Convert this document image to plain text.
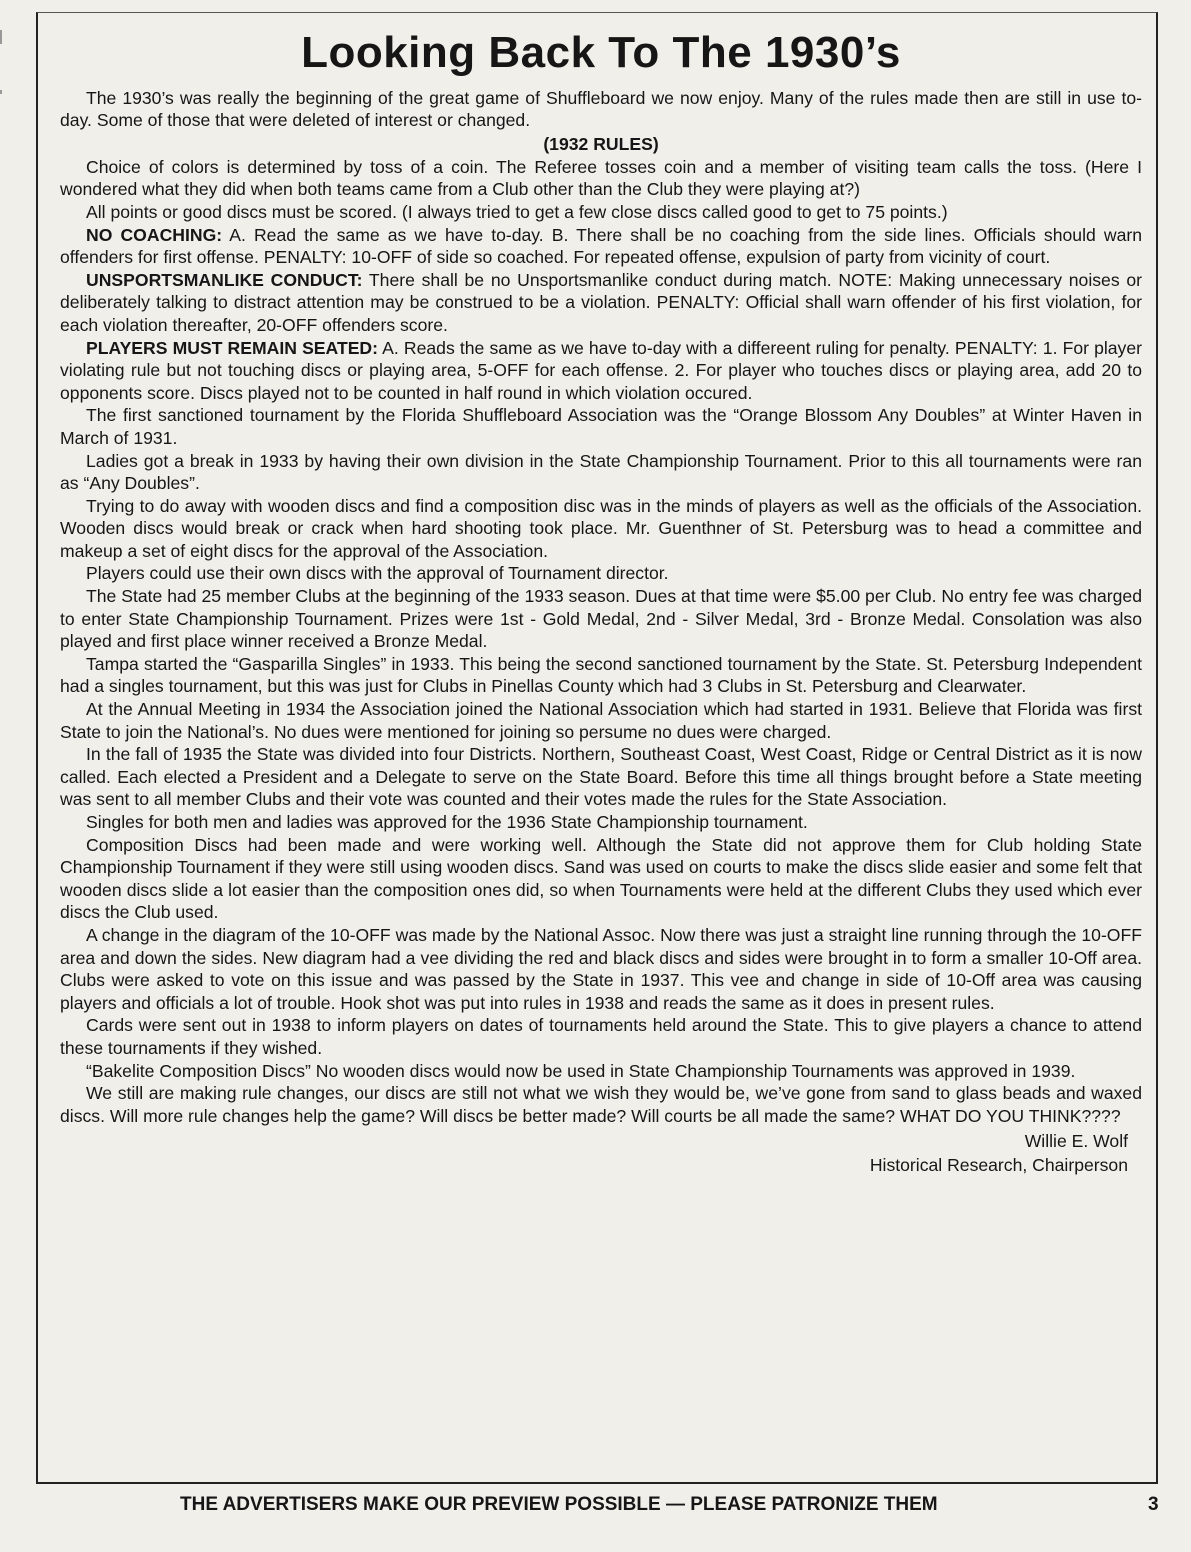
Looking Back To The 1930’s

The 1930’s was really the beginning of the great game of Shuffleboard we now enjoy. Many of the rules made then are still in use to-day. Some of those that were deleted of interest or changed.

(1932 RULES)

Choice of colors is determined by toss of a coin. The Referee tosses coin and a member of visiting team calls the toss. (Here I wondered what they did when both teams came from a Club other than the Club they were playing at?)

All points or good discs must be scored. (I always tried to get a few close discs called good to get to 75 points.)

NO COACHING: A. Read the same as we have to-day. B. There shall be no coaching from the side lines. Officials should warn offenders for first offense. PENALTY: 10-OFF of side so coached. For repeated offense, expulsion of party from vicinity of court.

UNSPORTSMANLIKE CONDUCT: There shall be no Unsportsmanlike conduct during match. NOTE: Making unnecessary noises or deliberately talking to distract attention may be construed to be a violation. PENALTY: Official shall warn offender of his first violation, for each violation thereafter, 20-OFF offenders score.

PLAYERS MUST REMAIN SEATED: A. Reads the same as we have to-day with a differeent ruling for penalty. PENALTY: 1. For player violating rule but not touching discs or playing area, 5-OFF for each offense. 2. For player who touches discs or playing area, add 20 to opponents score. Discs played not to be counted in half round in which violation occured.

The first sanctioned tournament by the Florida Shuffleboard Association was the “Orange Blossom Any Doubles” at Winter Haven in March of 1931.

Ladies got a break in 1933 by having their own division in the State Championship Tournament. Prior to this all tournaments were ran as “Any Doubles”.

Trying to do away with wooden discs and find a composition disc was in the minds of players as well as the officials of the Association. Wooden discs would break or crack when hard shooting took place. Mr. Guenthner of St. Petersburg was to head a committee and makeup a set of eight discs for the approval of the Association.

Players could use their own discs with the approval of Tournament director.

The State had 25 member Clubs at the beginning of the 1933 season. Dues at that time were $5.00 per Club. No entry fee was charged to enter State Championship Tournament. Prizes were 1st - Gold Medal, 2nd - Silver Medal, 3rd - Bronze Medal. Consolation was also played and first place winner received a Bronze Medal.

Tampa started the “Gasparilla Singles” in 1933. This being the second sanctioned tournament by the State. St. Petersburg Independent had a singles tournament, but this was just for Clubs in Pinellas County which had 3 Clubs in St. Petersburg and Clearwater.

At the Annual Meeting in 1934 the Association joined the National Association which had started in 1931. Believe that Florida was first State to join the National’s. No dues were mentioned for joining so persume no dues were charged.

In the fall of 1935 the State was divided into four Districts. Northern, Southeast Coast, West Coast, Ridge or Central District as it is now called. Each elected a President and a Delegate to serve on the State Board. Before this time all things brought before a State meeting was sent to all member Clubs and their vote was counted and their votes made the rules for the State Association.

Singles for both men and ladies was approved for the 1936 State Championship tournament.

Composition Discs had been made and were working well. Although the State did not approve them for Club holding State Championship Tournament if they were still using wooden discs. Sand was used on courts to make the discs slide easier and some felt that wooden discs slide a lot easier than the composition ones did, so when Tournaments were held at the different Clubs they used which ever discs the Club used.

A change in the diagram of the 10-OFF was made by the National Assoc. Now there was just a straight line running through the 10-OFF area and down the sides. New diagram had a vee dividing the red and black discs and sides were brought in to form a smaller 10-Off area. Clubs were asked to vote on this issue and was passed by the State in 1937. This vee and change in side of 10-Off area was causing players and officials a lot of trouble. Hook shot was put into rules in 1938 and reads the same as it does in present rules.

Cards were sent out in 1938 to inform players on dates of tournaments held around the State. This to give players a chance to attend these tournaments if they wished.

“Bakelite Composition Discs” No wooden discs would now be used in State Championship Tournaments was approved in 1939.

We still are making rule changes, our discs are still not what we wish they would be, we’ve gone from sand to glass beads and waxed discs. Will more rule changes help the game? Will discs be better made? Will courts be all made the same? WHAT DO YOU THINK????

Willie E. Wolf
Historical Research, Chairperson
THE ADVERTISERS MAKE OUR PREVIEW POSSIBLE — PLEASE PATRONIZE THEM	3
